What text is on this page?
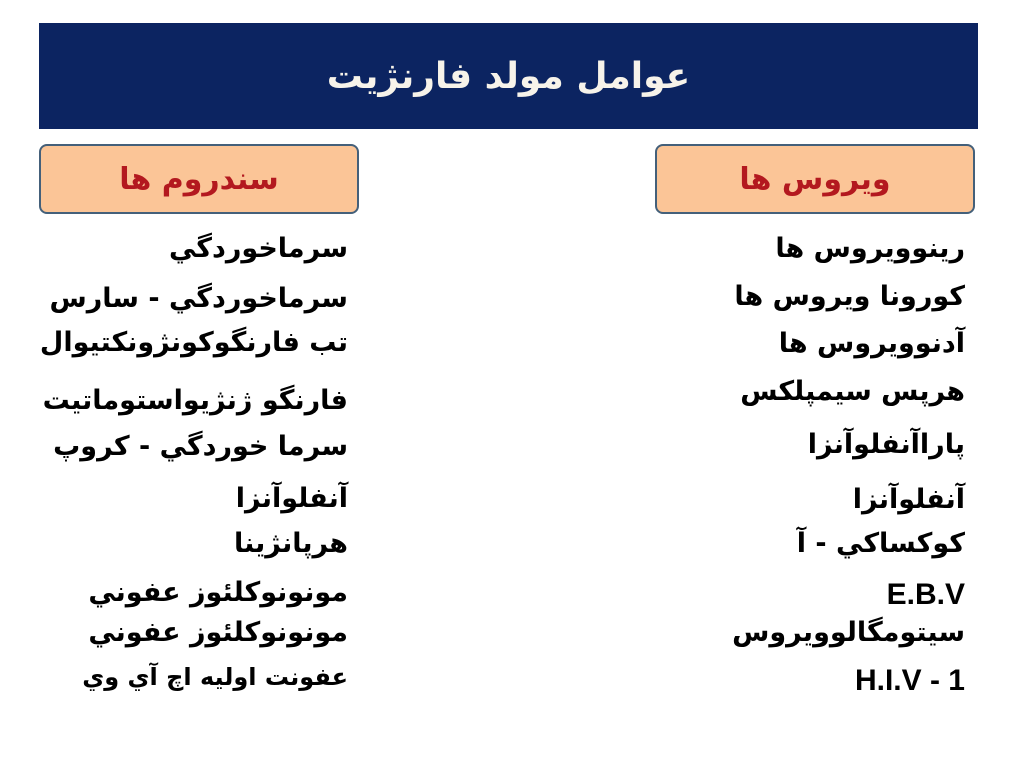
عوامل مولد فارنژيت
سندروم ها	ويروس ها
سرماخوردگي
سرماخوردگي - سارس
تب فارنگوکونژونکتيوال
فارنگو ژنژيواستوماتيت
سرما خوردگي - کروپ
آنفلوآنزا
هرپانژينا
مونونوکلئوز عفوني
مونونوکلئوز عفوني
عفونت اوليه اچ آي وي
رينوويروس ها
کورونا ويروس ها
آدنوويروس ها
هرپس سيمپلکس
پاراآنفلوآنزا
آنفلوآنزا
کوکساکي - آ
E.B.V
سيتومگالوويروس
H.I.V - 1
